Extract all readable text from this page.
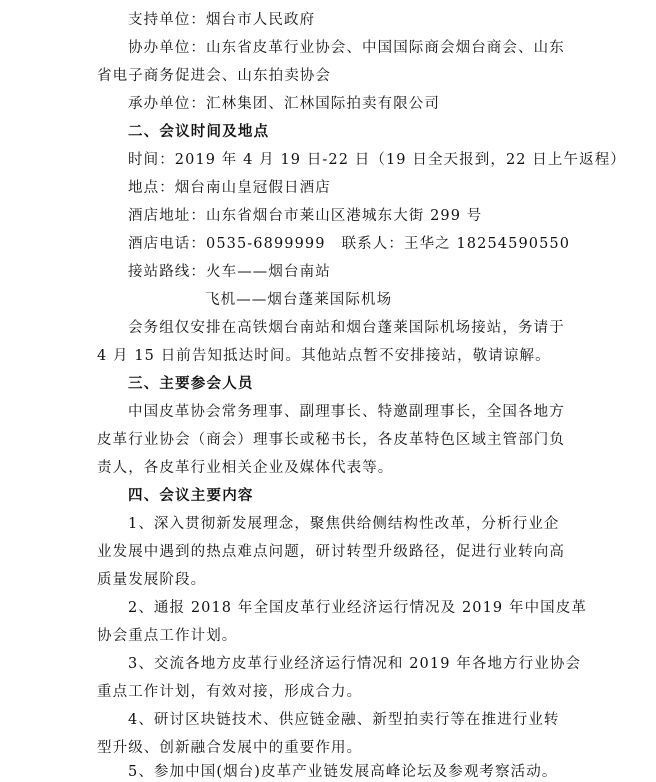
支持单位：烟台市人民政府
协办单位：山东省皮革行业协会、中国国际商会烟台商会、山东
省电子商务促进会、山东拍卖协会
承办单位：汇林集团、汇林国际拍卖有限公司
二、会议时间及地点
时间：2019 年 4 月 19 日-22 日（19 日全天报到，22 日上午返程）
地点：烟台南山皇冠假日酒店
酒店地址：山东省烟台市莱山区港城东大街 299 号
酒店电话：0535-6899999 联系人：王华之 18254590550
接站路线：火车——烟台南站
飞机——烟台蓬莱国际机场
会务组仅安排在高铁烟台南站和烟台蓬莱国际机场接站，务请于
4 月 15 日前告知抵达时间。其他站点暂不安排接站，敬请谅解。
三、主要参会人员
中国皮革协会常务理事、副理事长、特邀副理事长，全国各地方
皮革行业协会（商会）理事长或秘书长，各皮革特色区域主管部门负
责人，各皮革行业相关企业及媒体代表等。
四、会议主要内容
1、深入贯彻新发展理念，聚焦供给侧结构性改革，分析行业企
业发展中遇到的热点难点问题，研讨转型升级路径，促进行业转向高
质量发展阶段。
2、通报 2018 年全国皮革行业经济运行情况及 2019 年中国皮革
协会重点工作计划。
3、交流各地方皮革行业经济运行情况和 2019 年各地方行业协会
重点工作计划，有效对接，形成合力。
4、研讨区块链技术、供应链金融、新型拍卖行等在推进行业转
型升级、创新融合发展中的重要作用。
5、参加中国(烟台)皮革产业链发展高峰论坛及参观考察活动。
